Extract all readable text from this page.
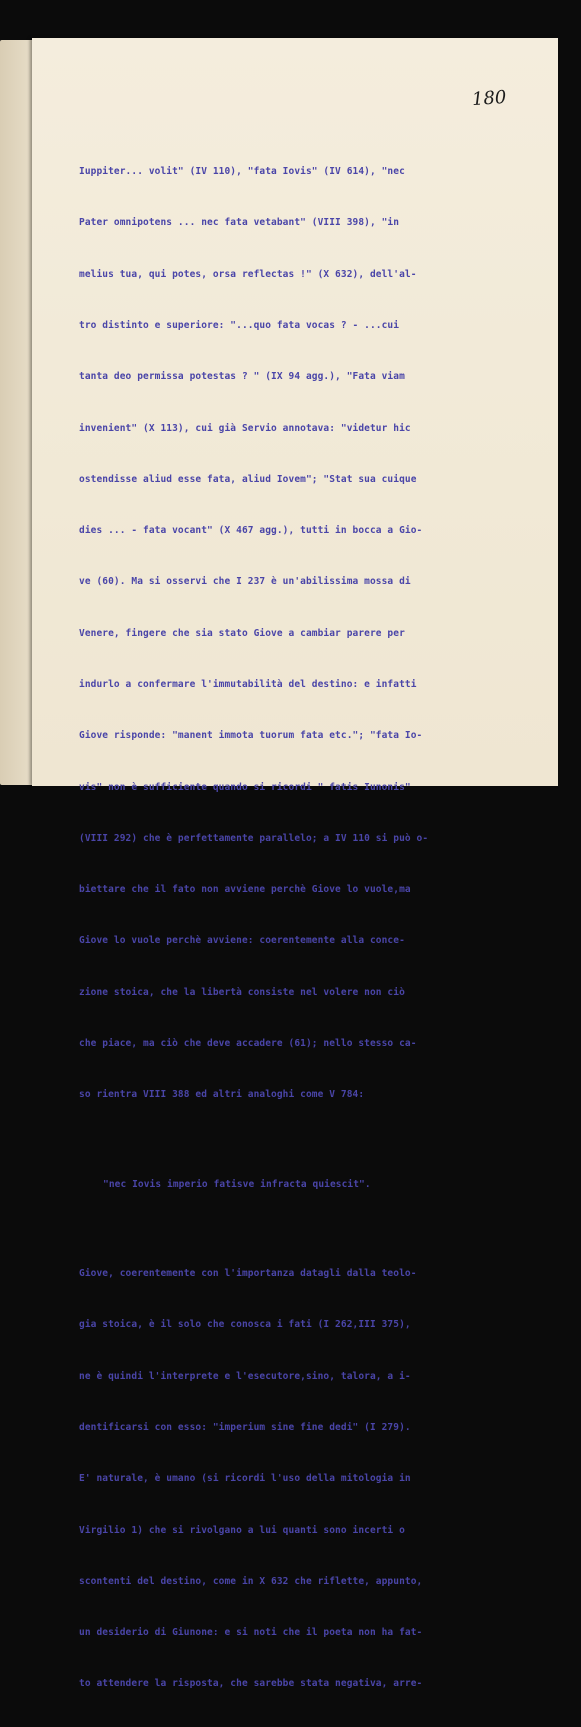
180

Iuppiter... volit" (IV 110), "fata Iovis" (IV 614), "nec

Pater omnipotens ... nec fata vetabant" (VIII 398), "in

melius tua, qui potes, orsa reflectas !" (X 632), dell'al-

tro distinto e superiore: "...quo fata vocas ? - ...cui

tanta deo permissa potestas ? " (IX 94 agg.), "Fata viam

invenient" (X 113), cui già Servio annotava: "videtur hic

ostendisse aliud esse fata, aliud Iovem"; "Stat sua cuique

dies ... - fata vocant" (X 467 agg.), tutti in bocca a Gio-

ve (60). Ma si osservi che I 237 è un'abilissima mossa di

Venere, fingere che sia stato Giove a cambiar parere per

indurlo a confermare l'immutabilità del destino: e infatti

Giove risponde: "manent immota tuorum fata etc."; "fata Io-

vis" non è sufficiente quando si ricordi " fatis Iunonis"

(VIII 292) che è perfettamente parallelo; a IV 110 si può o-

biettare che il fato non avviene perchè Giove lo vuole,ma

Giove lo vuole perchè avviene: coerentemente alla conce-

zione stoica, che la libertà consiste nel volere non ciò

che piace, ma ciò che deve accadere (61); nello stesso ca-

so rientra VIII 388 ed altri analoghi come V 784:

"nec Iovis imperio fatisve infracta quiescit".

Giove, coerentemente con l'importanza datagli dalla teolo-

gia stoica, è il solo che conosca i fati (I 262,III 375),

ne è quindi l'interprete e l'esecutore,sino, talora, a i-

dentificarsi con esso: "imperium sine fine dedi" (I 279).

E' naturale, è umano (si ricordi l'uso della mitologia in

Virgilio 1) che si rivolgano a lui quanti sono incerti o

scontenti del destino, come in X 632 che riflette, appunto,

un desiderio di Giunone: e si noti che il poeta non ha fat-

to attendere la risposta, che sarebbe stata negativa, arre-
